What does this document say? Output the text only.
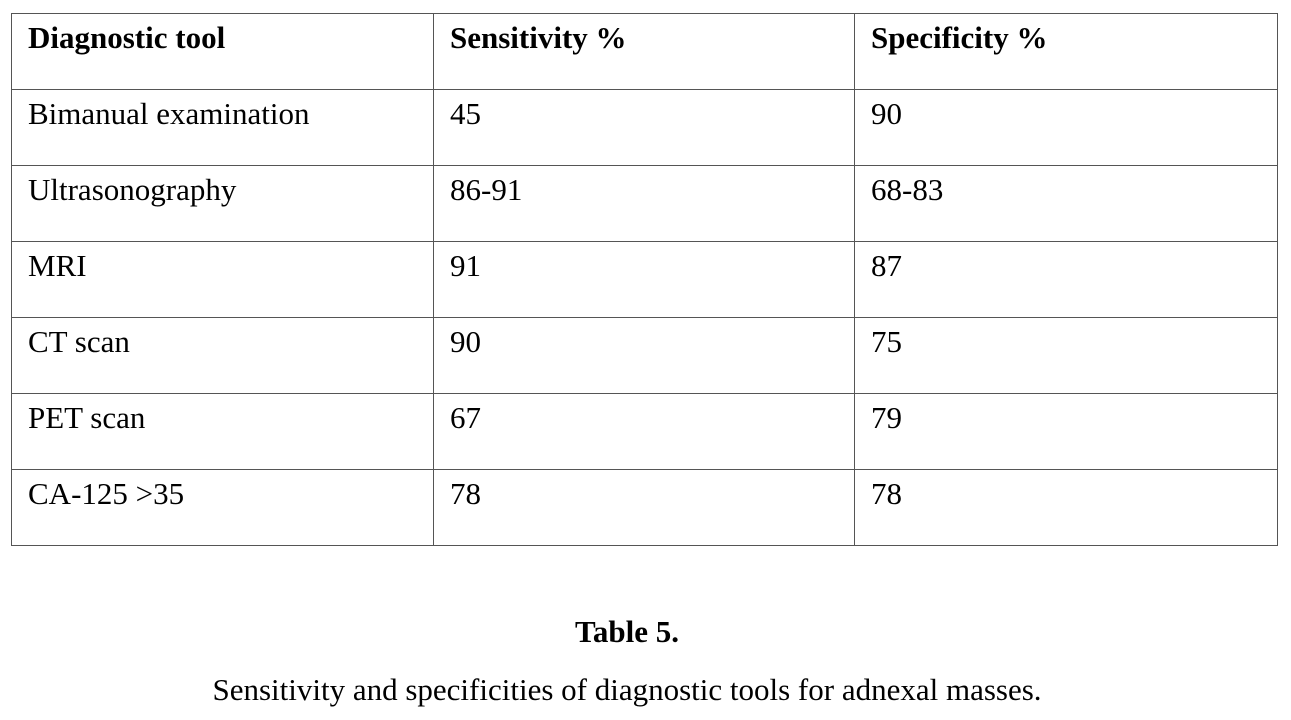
Diagnostic tool	Sensitivity %	Specificity %

Bimanual examination	45	90

Ultrasonography	86-91	68-83

MRI	91	87

CT scan	90	75

PET scan	67	79

CA-125 >35	78	78
Table 5.
Sensitivity and specificities of diagnostic tools for adnexal masses.
